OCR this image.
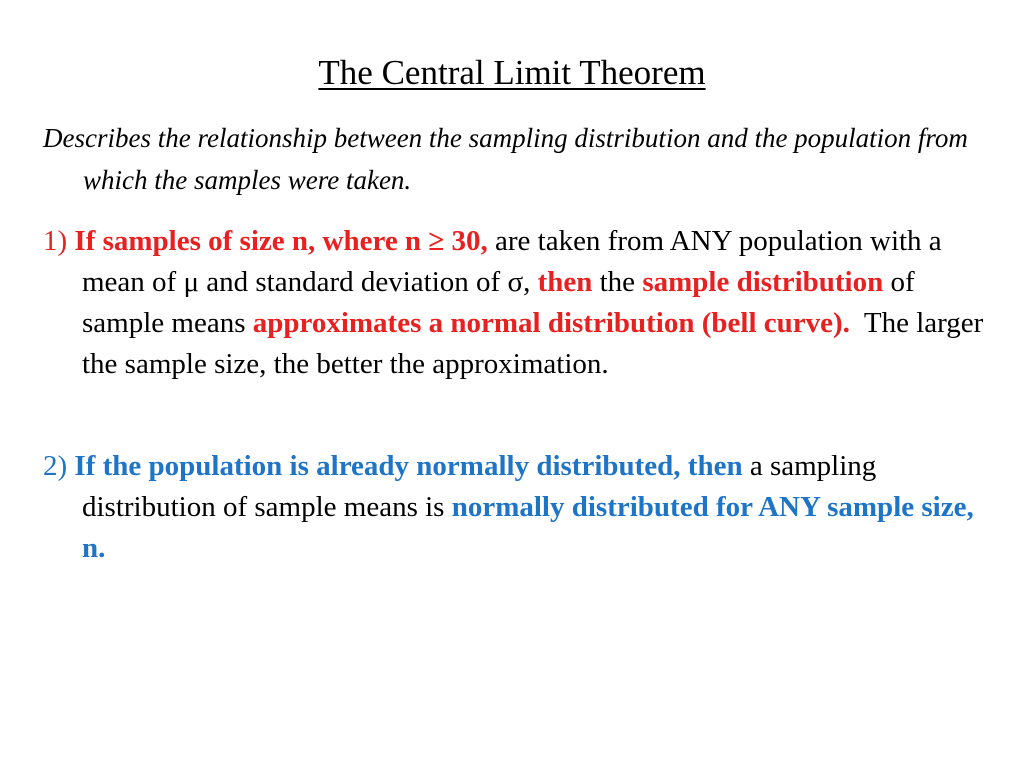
The Central Limit Theorem
Describes the relationship between the sampling distribution and the population from which the samples were taken.
1) If samples of size n, where n ≥ 30, are taken from ANY population with a mean of μ and standard deviation of σ, then the sample distribution of sample means approximates a normal distribution (bell curve).  The larger the sample size, the better the approximation.
2) If the population is already normally distributed, then a sampling distribution of sample means is normally distributed for ANY sample size, n.
